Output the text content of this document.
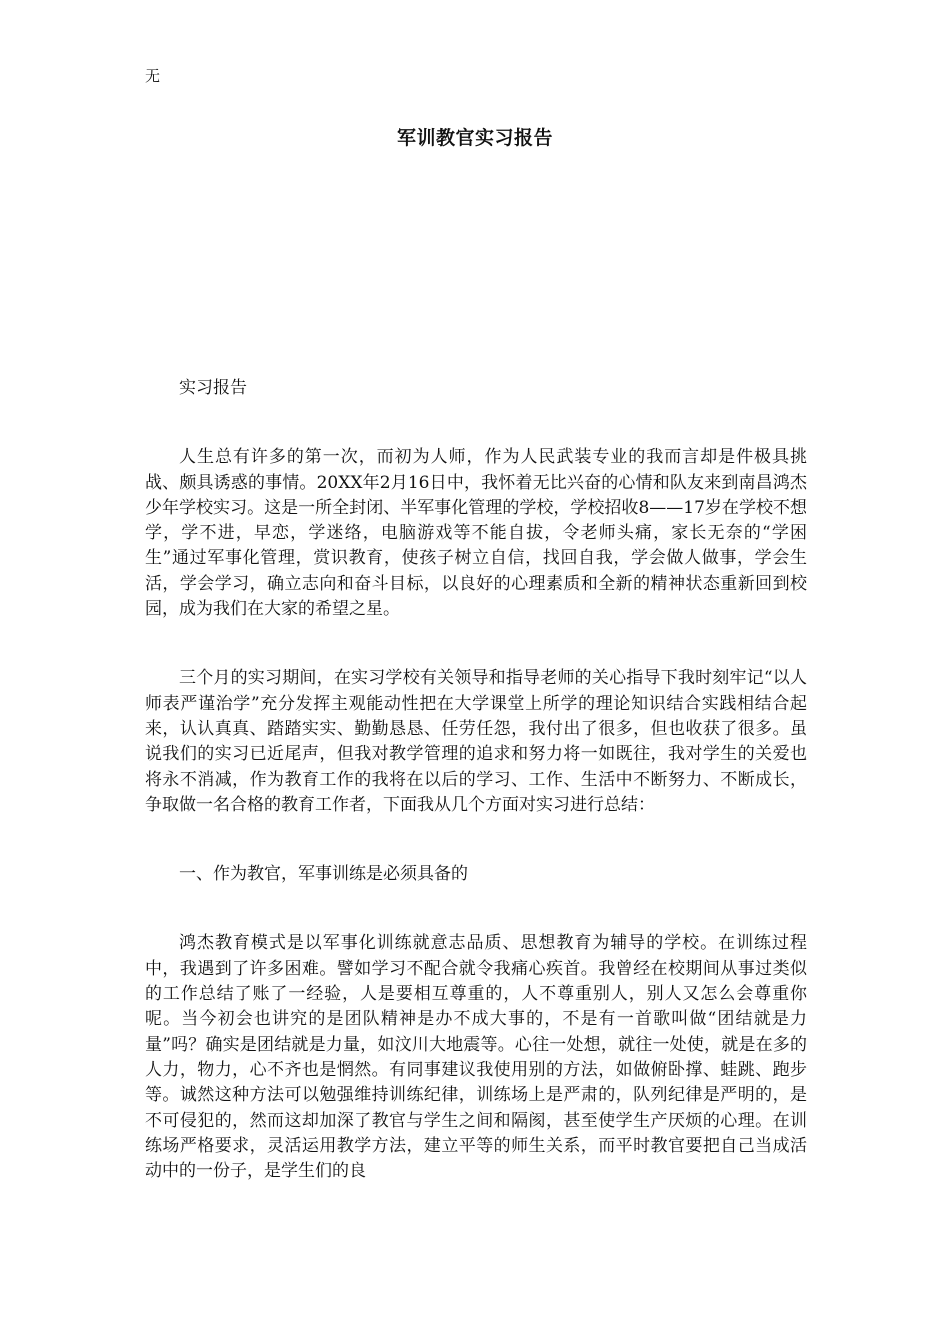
无
军训教官实习报告

实习报告

人生总有许多的第一次，而初为人师，作为人民武装专业的我而言却是件极具挑战、颇具诱惑的事情。20XX年2月16日中，我怀着无比兴奋的心情和队友来到南昌鸿杰少年学校实习。这是一所全封闭、半军事化管理的学校，学校招收8——17岁在学校不想学，学不进，早恋，学迷络，电脑游戏等不能自拔，令老师头痛，家长无奈的“学困生”通过军事化管理，赏识教育，使孩子树立自信，找回自我，学会做人做事，学会生活，学会学习，确立志向和奋斗目标，以良好的心理素质和全新的精神状态重新回到校园，成为我们在大家的希望之星。

三个月的实习期间，在实习学校有关领导和指导老师的关心指导下我时刻牢记“以人师表严谨治学”充分发挥主观能动性把在大学课堂上所学的理论知识结合实践相结合起来，认认真真、踏踏实实、勤勤恳恳、任劳任怨，我付出了很多，但也收获了很多。虽说我们的实习已近尾声，但我对教学管理的追求和努力将一如既往，我对学生的关爱也将永不消减，作为教育工作的我将在以后的学习、工作、生活中不断努力、不断成长，争取做一名合格的教育工作者，下面我从几个方面对实习进行总结：

一、作为教官，军事训练是必须具备的

鸿杰教育模式是以军事化训练就意志品质、思想教育为辅导的学校。在训练过程中，我遇到了许多困难。譬如学习不配合就令我痛心疾首。我曾经在校期间从事过类似的工作总结了账了一经验，人是要相互尊重的，人不尊重别人，别人又怎么会尊重你呢。当今初会也讲究的是团队精神是办不成大事的，不是有一首歌叫做“团结就是力量”吗？确实是团结就是力量，如汶川大地震等。心往一处想，就往一处使，就是在多的人力，物力，心不齐也是惘然。有同事建议我使用别的方法，如做俯卧撑、蛙跳、跑步等。诚然这种方法可以勉强维持训练纪律，训练场上是严肃的，队列纪律是严明的，是不可侵犯的，然而这却加深了教官与学生之间和隔阂，甚至使学生产厌烦的心理。在训练场严格要求，灵活运用教学方法，建立平等的师生关系，而平时教官要把自己当成活动中的一份子，是学生们的良
